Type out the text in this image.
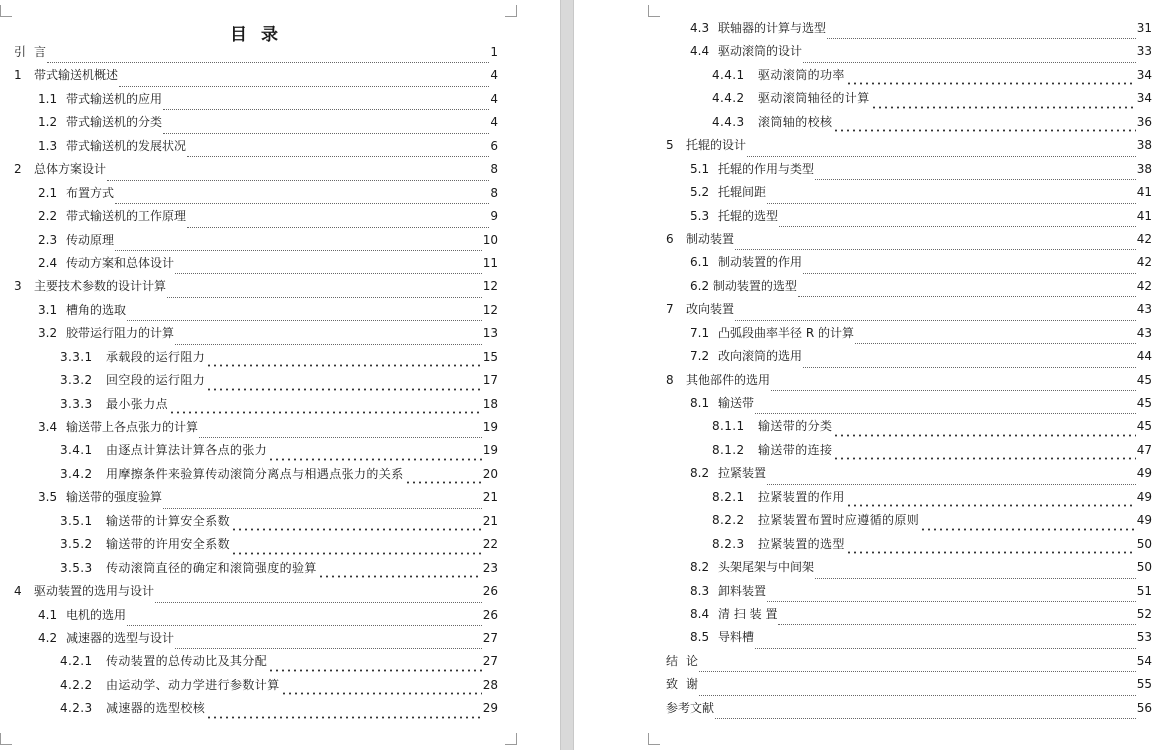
目 录
引 言	1
1	带式输送机概述	4
1.1 带式输送机的应用	4
1.2 带式输送机的分类	4
1.3 带式输送机的发展状况	6
2	总体方案设计	8
2.1 布置方式	8
2.2 带式输送机的工作原理	9
2.3 传动原理	10
2.4 传动方案和总体设计	11
3	主要技术参数的设计计算	12
3.1 槽角的选取	12
3.2 胶带运行阻力的计算	13
3.3.1	承载段的运行阻力	15
3.3.2	回空段的运行阻力	17
3.3.3	最小张力点	18
3.4 输送带上各点张力的计算	19
3.4.1	由逐点计算法计算各点的张力	19
3.4.2	用摩擦条件来验算传动滚筒分离点与相遇点张力的关系	20
3.5 输送带的强度验算	21
3.5.1	输送带的计算安全系数	21
3.5.2	输送带的许用安全系数	22
3.5.3	传动滚筒直径的确定和滚筒强度的验算	23
4	驱动装置的选用与设计	26
4.1 电机的选用	26
4.2 减速器的选型与设计	27
4.2.1	传动装置的总传动比及其分配	27
4.2.2	由运动学、动力学进行参数计算	28
4.2.3	减速器的选型校核	29
4.3 联轴器的计算与选型	31
4.4 驱动滚筒的设计	33
4.4.1	驱动滚筒的功率	34
4.4.2	驱动滚筒轴径的计算	34
4.4.3	滚筒轴的校核	36
5	托辊的设计	38
5.1 托辊的作用与类型	38
5.2 托辊间距	41
5.3 托辊的选型	41
6	制动装置	42
6.1 制动装置的作用	42
6.2 制动装置的选型	42
7	改向装置	43
7.1 凸弧段曲率半径 R 的计算	43
7.2 改向滚筒的选用	44
8	其他部件的选用	45
8.1 输送带	45
8.1.1	输送带的分类	45
8.1.2	输送带的连接	47
8.2 拉紧装置	49
8.2.1	拉紧装置的作用	49
8.2.2	拉紧装置布置时应遵循的原则	49
8.2.3	拉紧装置的选型	50
8.2 头架尾架与中间架	50
8.3 卸料装置	51
8.4 清 扫 装 置	52
8.5 导料槽	53
结 论	54
致 谢	55
参考文献	56
